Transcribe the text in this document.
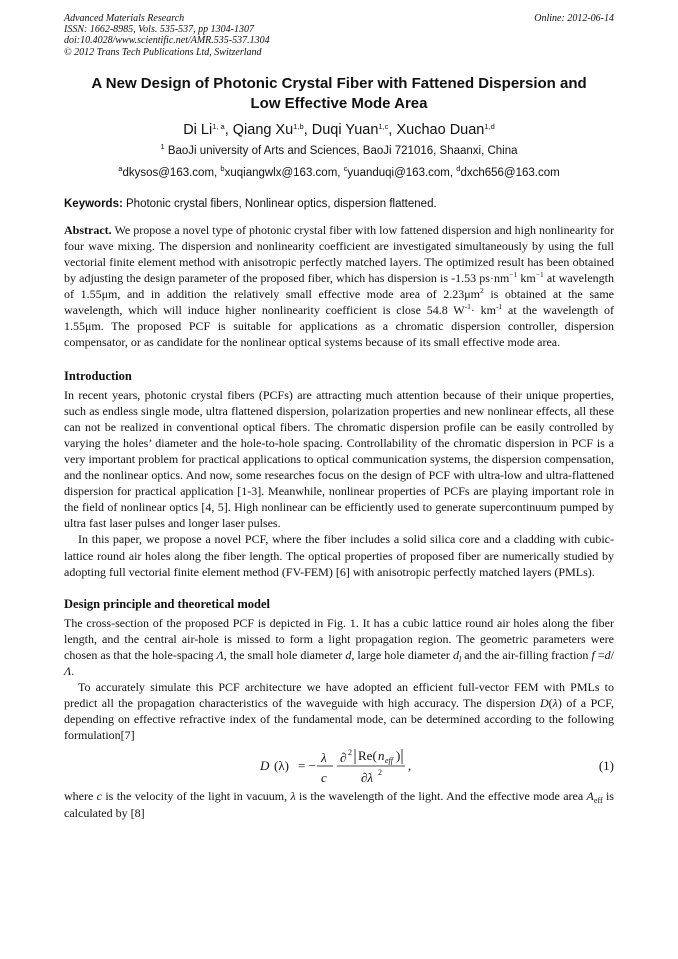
Advanced Materials Research
ISSN: 1662-8985, Vols. 535-537, pp 1304-1307
doi:10.4028/www.scientific.net/AMR.535-537.1304
© 2012 Trans Tech Publications Ltd, Switzerland
Online: 2012-06-14
A New Design of Photonic Crystal Fiber with Fattened Dispersion and
Low Effective Mode Area
Di Li$^{1, a}$, Qiang Xu$^{1,b}$, Duqi Yuan$^{1,c}$, Xuchao Duan$^{1,d}$
$^1$ BaoJi university of Arts and Sciences, BaoJi 721016, Shaanxi, China
$^a$dkysos@163.com, $^b$xuqiangwlx@163.com, $^c$yuanduqi@163.com, $^d$dxch656@163.com
Keywords: Photonic crystal fibers, Nonlinear optics, dispersion flattened.
Abstract. We propose a novel type of photonic crystal fiber with low fattened dispersion and high nonlinearity for four wave mixing. The dispersion and nonlinearity coefficient are investigated simultaneously by using the full vectorial finite element method with anisotropic perfectly matched layers. The optimized result has been obtained by adjusting the design parameter of the proposed fiber, which has dispersion is -1.53 $ps\cdot nm^{-1}$ $km^{-1}$ at wavelength of 1.55μm, and in addition the relatively small effective mode area of $2.23\mu m^2$ is obtained at the same wavelength, which will induce higher nonlinearity coefficient is close 54.8 $W^{-1}\cdot km^{-1}$ at the wavelength of 1.55μm. The proposed PCF is suitable for applications as a chromatic dispersion controller, dispersion compensator, or as candidate for the nonlinear optical systems because of its small effective mode area.
Introduction
In recent years, photonic crystal fibers (PCFs) are attracting much attention because of their unique properties, such as endless single mode, ultra flattened dispersion, polarization properties and new nonlinear effects, all these can not be realized in conventional optical fibers. The chromatic dispersion profile can be easily controlled by varying the holes’ diameter and the hole-to-hole spacing. Controllability of the chromatic dispersion in PCF is a very important problem for practical applications to optical communication systems, the dispersion compensation, and the nonlinear optics. And now, some researches focus on the design of PCF with ultra-low and ultra-flattened dispersion for practical application [1-3]. Meanwhile, nonlinear properties of PCFs are playing important role in the field of nonlinear optics [4, 5]. High nonlinear can be efficiently used to generate supercontinuum pumped by ultra fast laser pulses and longer laser pulses.
In this paper, we propose a novel PCF, where the fiber includes a solid silica core and a cladding with cubic-lattice round air holes along the fiber length. The optical properties of proposed fiber are numerically studied by adopting full vectorial finite element method (FV-FEM) [6] with anisotropic perfectly matched layers (PMLs).
Design principle and theoretical model
The cross-section of the proposed PCF is depicted in Fig. 1. It has a cubic lattice round air holes along the fiber length, and the central air-hole is missed to form a light propagation region. The geometric parameters were chosen as that the hole-spacing Λ, the small hole diameter d, large hole diameter $d_l$ and the air-filling fraction f =d/Λ.
To accurately simulate this PCF architecture we have adopted an efficient full-vector FEM with PMLs to predict all the propagation characteristics of the waveguide with high accuracy. The dispersion D(λ) of a PCF, depending on effective refractive index of the fundamental mode, can be determined according to the following formulation[7]
D (λ) = −
λ
c
∂ 2 Re( n eff )
∂λ 2 ,	(1)
where c is the velocity of the light in vacuum, λ is the wavelength of the light. And the effective mode area $A_{eff}$ is calculated by [8]
